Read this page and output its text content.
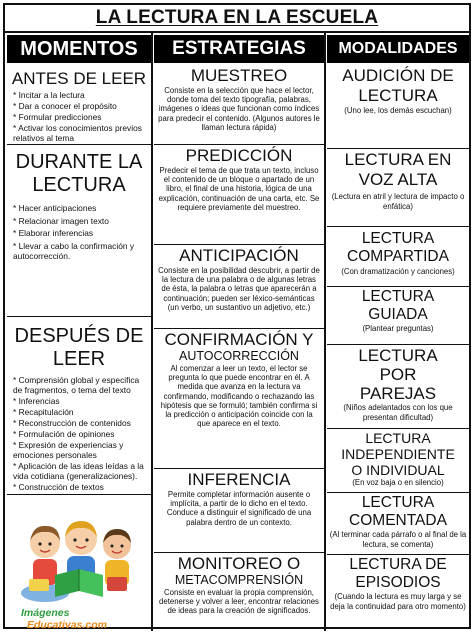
LA LECTURA EN LA ESCUELA
MOMENTOS	ESTRATEGIAS	MODALIDADES
ANTES DE LEER
* Incitar a la lectura
* Dar a conocer el propósito
* Formular predicciones
* Activar los conocimientos previos relativos al tema
*
DURANTE LA LECTURA
* Hacer anticipaciones
* Relacionar imagen texto
* Elaborar inferencias
* Llevar a cabo la confirmación y autocorrección.
DESPUÉS DE LEER
* Comprensión global y especifica de fragmentos, o tema del texto
* Inferencias
* Recapitulación
* Reconstrucción de contenidos
* Formulación de opiniones
* Expresión de experiencias y emociones personales
* Aplicación de las ideas leídas a la vida cotidiana (generalizaciones).
* Construcción de textos
Imágenes
Educativas.com
MUESTREO
Consiste en la selección que hace el lector, donde toma del texto tipografía, palabras, imágenes o ideas que funcionan como índices para predecir el contenido. (Algunos autores le llaman lectura rápida)
PREDICCIÓN
Predecir el tema de que trata un texto, incluso el contenido de un bloque o apartado de un libro, el final de una historia, lógica de una explicación, continuación de una carta, etc. Se requiere previamente del muestreo.
ANTICIPACIÓN
Consiste en la posibilidad descubrir, a partir de la lectura de una palabra o de algunas letras de ésta, la palabra o letras que aparecerán a continuación; pueden ser léxico-semánticas (un verbo, un sustantivo un adjetivo, etc.)
CONFIRMACIÓN Y
AUTOCORRECCIÓN
Al comenzar a leer un texto, el lector se pregunta lo que puede encontrar en él. A medida que avanza en la lectura va confirmando, modificando o rechazando las hipótesis que se formuló; también confirma si la predicción o anticipación coincide con la que aparece en el texto.
INFERENCIA
Permite completar información ausente o implícita, a partir de lo dicho en el texto. Conduce a distinguir el significado de una palabra dentro de un contexto.
MONITOREO O
METACOMPRENSIÓN
Consiste en evaluar la propia comprensión, detenerse y volver a leer, encontrar relaciones de ideas para la creación de significados.
AUDICIÓN DE LECTURA
(Uno lee, los demás escuchan)
LECTURA EN VOZ ALTA
(Lectura en atril y lectura de impacto o enfática)
LECTURA COMPARTIDA
(Con dramatización y canciones)
LECTURA GUIADA
(Plantear preguntas)
LECTURA POR PAREJAS
(Niños adelantados con los que presentan dificultad)
LECTURA INDEPENDIENTE O INDIVIDUAL
(En voz baja o en silencio)
LECTURA COMENTADA
(Al terminar cada párrafo o al final de la lectura, se comenta)
LECTURA DE EPISODIOS
(Cuando la lectura es muy larga y se deja la continuidad para otro momento)
